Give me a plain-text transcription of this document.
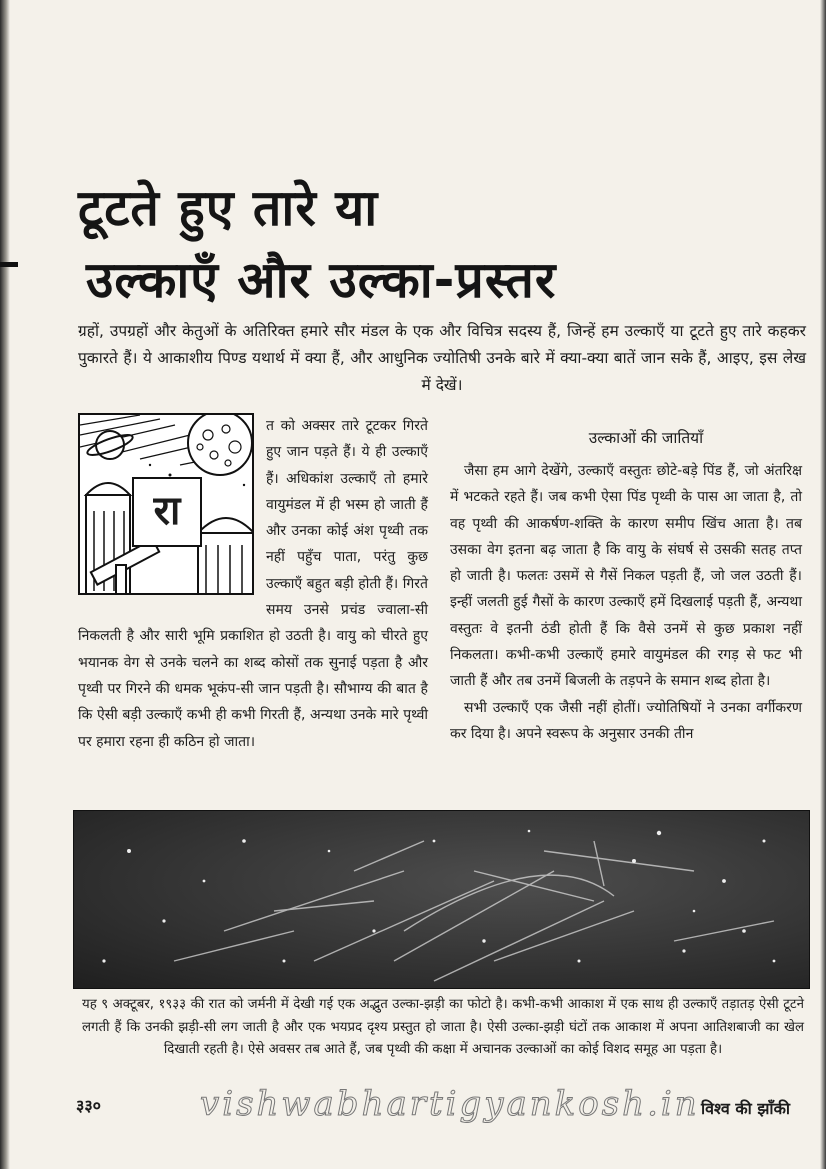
टूटते हुए तारे या
उल्काएँ और उल्का-प्रस्तर

ग्रहों, उपग्रहों और केतुओं के अतिरिक्त हमारे सौर मंडल के एक और विचित्र सदस्य हैं, जिन्हें हम उल्काएँ या टूटते हुए तारे कहकर पुकारते हैं। ये आकाशीय पिण्ड यथार्थ में क्या हैं, और आधुनिक ज्योतिषी उनके बारे में क्या-क्या बातें जान सके हैं, आइए, इस लेख में देखें।

रा

त को अक्सर तारे टूटकर गिरते हुए जान पड़ते हैं। ये ही उल्काएँ हैं। अधिकांश उल्काएँ तो हमारे वायुमंडल में ही भस्म हो जाती हैं और उनका कोई अंश पृथ्वी तक नहीं पहुँच पाता, परंतु कुछ उल्काएँ बहुत बड़ी होती हैं। गिरते समय उनसे प्रचंड ज्वाला-सी निकलती है और सारी भूमि प्रकाशित हो उठती है। वायु को चीरते हुए भयानक वेग से उनके चलने का शब्द कोसों तक सुनाई पड़ता है और पृथ्वी पर गिरने की धमक भूकंप-सी जान पड़ती है। सौभाग्य की बात है कि ऐसी बड़ी उल्काएँ कभी ही कभी गिरती हैं, अन्यथा उनके मारे पृथ्वी पर हमारा रहना ही कठिन हो जाता।

उल्काओं की जातियाँ

जैसा हम आगे देखेंगे, उल्काएँ वस्तुतः छोटे-बड़े पिंड हैं, जो अंतरिक्ष में भटकते रहते हैं। जब कभी ऐसा पिंड पृथ्वी के पास आ जाता है, तो वह पृथ्वी की आकर्षण-शक्ति के कारण समीप खिंच आता है। तब उसका वेग इतना बढ़ जाता है कि वायु के संघर्ष से उसकी सतह तप्त हो जाती है। फलतः उसमें से गैसें निकल पड़ती हैं, जो जल उठती हैं। इन्हीं जलती हुई गैसों के कारण उल्काएँ हमें दिखलाई पड़ती हैं, अन्यथा वस्तुतः वे इतनी ठंडी होती हैं कि वैसे उनमें से कुछ प्रकाश नहीं निकलता। कभी-कभी उल्काएँ हमारे वायुमंडल की रगड़ से फट भी जाती हैं और तब उनमें बिजली के तड़पने के समान शब्द होता है।

सभी उल्काएँ एक जैसी नहीं होतीं। ज्योतिषियों ने उनका वर्गीकरण कर दिया है। अपने स्वरूप के अनुसार उनकी तीन

यह ९ अक्टूबर, १९३३ की रात को जर्मनी में देखी गई एक अद्भुत उल्का-झड़ी का फोटो है। कभी-कभी आकाश में एक साथ ही उल्काएँ तड़ातड़ ऐसी टूटने लगती हैं कि उनकी झड़ी-सी लग जाती है और एक भयप्रद दृश्य प्रस्तुत हो जाता है। ऐसी उल्का-झड़ी घंटों तक आकाश में अपना आतिशबाजी का खेल दिखाती रहती है। ऐसे अवसर तब आते हैं, जब पृथ्वी की कक्षा में अचानक उल्काओं का कोई विशद समूह आ पड़ता है।

३३०	vishwabhartigyankosh.in विश्व की झाँकी
